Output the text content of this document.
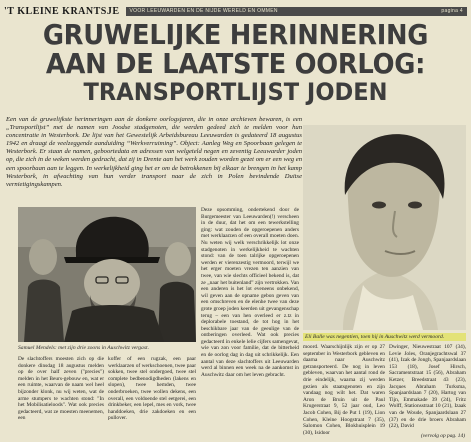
'T KLEINE KRANTSJE VOOR LEEUWARDEN EN DE NIJDE WERELD EN OMMEN	pagina 4
GRUWELIJKE HERINNERING
AAN DE LAATSTE OORLOG:
TRANSPORTLIJST JODEN

Een van de gruwelijkste herinneringen aan de donkere oorlogsjaren, die in onze archieven bewaren, is een „Transportlijst” met de namen van Joodse stadgenoten, die werden gedeed zich te melden voor hun concentratie in Westerbork. De lijst van het Gewestelijk Arbeidsbureau Leeuwarden is gedateerd 18 augustus 1942 en draagt de veelzeggende aanduiding “Werkverruiming”. Object: Aanleg Weg en Spoorbaan gelegen te Westerbork. Er staan de namen, geboortedata en adressen van welgeteld negen en zeventig Leeuwarder joden op, die zich in de weken werden gedracht, dat zij in Drente aan het werk zouden worden gezet om er een weg en een spoorbaan aan te leggen. In werkelijkheid ging het er om de betrokkenen bij elkaar te brengen in het kamp Westerbork, in afwachting van hun verder transport naar de zich in Polen bevindende Duitse vernietigingskampen.

Samuel Mendels: met zijn drie zoons in Auschwitz vergast.
Eli Balle was negentien, toen hij in Auschwitz werd vermoord.
De slachtoffers moesten zich op die donkere dinsdag 18 augustus melden op de over half zeven ("precies") melden in het Beurs-gebouw en, wat er een ruimte, waarvan de naam wel heel bijzonder klonk, nu wij weten, wat de arme stumpers te wachten stond: "In het Mobilisatieloods". Wat ook precies gedacteerd, wat ze moesten meenemen, een
koffer of een rugzak, een paar werklaarzen of werkschoenen, twee paar sokken, twee stel ondergoed, twee stel complete bedbenodigdheden (lakens en slopen), twee hemden, twee onderbroeken, twee wollen dekens, een overall, een voldoende stel eetgerei, een drinkbeker, een lepel, mes en vork, twee handdoeken, drie zakdoeken en een pullover.
Deze opsomming, ondertekend door de Burgemeester van Leeuwarden(!) verscheen in de duur, dat het om een tewerkstelling ging: wat zouden de opgeroepenen anders met werklaarzen of een overall moeten doen. Nu weten wij welk verschrikkelijk lot onze stadgenoten in werkelijkheid te wachten stond: van de toen talrijke opgeroepenen werden er vierenzestig vermoord, terwijl we het erger moeten vrezen ten aanzien van twee, van wie slechts officieel bekend is, dat ze „naar het buitenland” zijn vertrokken. Van een anderen is het lot eveneens onbekend, wil geven aan de opname gebon geven van een omschreven en de elenhe twee van deze grote groep joden keerden uit gevangenschap terug – een van hen overleed er z.tz in deplorabele toestand, de tot hog in het beschikbare jaar van de geeulige van de ontberingen overleed. Wat ook precies gedacteerd in enkele lelie cijfers samengevat, wie van zon voor familie, dat de bitterheid en de oorlog dag in dag uit schrikkelijk. Een aantal van deze slachtoffers uit Leeuwarden werd al binnen een week na de aankomst in Auschwitz daar om het leven gebracht.
moord. Waarschijnlijk zijn er op 27 september in Westerbork gebleven en daarna naar Auschwitz getransporteerd. De nog in leven gebleven, waarvan het aantal rond de drie eindelijk, waarna zij werden gezien als staatsgenoten en zijn vandaag nog wilt het. Dat waren Aron de Bruin uit de Paul Krugerstraat 9, 52 jaar oud, Leo Jacob Cohen, Bij de Put 1 (19), Lion Cohen, Kleine Hoogstraat 7 (35), Salomon Cohen, Blokhuisplein 19 (30), Isidoor
Dwinger, Nieuwestraat 107 (34), Levie Joles, Oranjegrachtswal 37 (41), Izak de Jongh, Spanjaardslaan 153 (18), Josef Hirsch, Sacramentstraat 15 (56), Abraham Ketzer, Breedstraat 43 (23), Jacques Abraham Turksma, Spanjaardslaan 7 (20), Hartog van Tijn, Emmakade 39 (24), Fritz Wolff, Stationsstraat 10 (21), Izaak van de Woude, Spanjaardslaan 27 (37) en de drie broers Abraham (22), David
(vervolg op pag. 14)
